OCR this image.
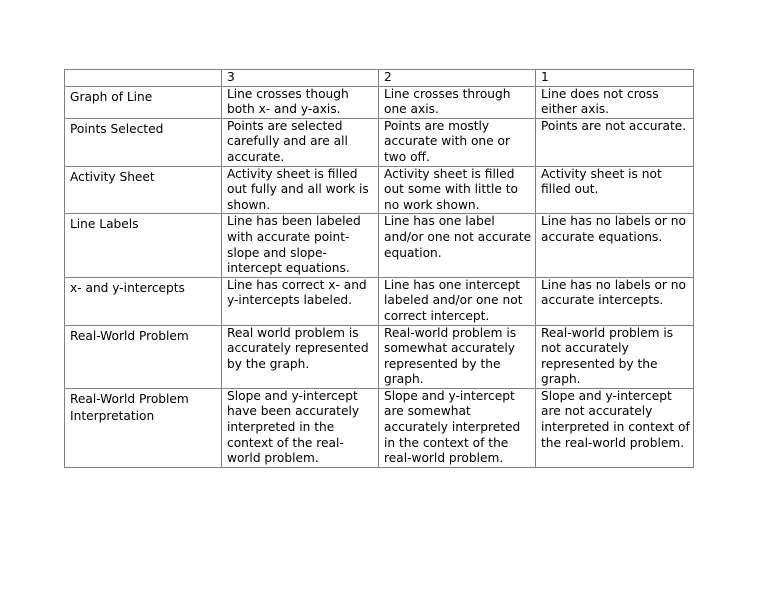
	3	2	1
Graph of Line	Line crosses though both x- and y-axis.	Line crosses through one axis.	Line does not cross either axis.
Points Selected	Points are selected carefully and are all accurate.	Points are mostly accurate with one or two off.	Points are not accurate.
Activity Sheet	Activity sheet is filled out fully and all work is shown.	Activity sheet is filled out some with little to no work shown.	Activity sheet is not filled out.
Line Labels	Line has been labeled with accurate point-slope and slope-intercept equations.	Line has one label and/or one not accurate equation.	Line has no labels or no accurate equations.
x- and y-intercepts	Line has correct x- and y-intercepts labeled.	Line has one intercept labeled and/or one not correct intercept.	Line has no labels or no accurate intercepts.
Real-World Problem	Real world problem is accurately represented by the graph.	Real-world problem is somewhat accurately represented by the graph.	Real-world problem is not accurately represented by the graph.
Real-World Problem Interpretation	Slope and y-intercept have been accurately interpreted in the context of the real-world problem.	Slope and y-intercept are somewhat accurately interpreted in the context of the real-world problem.	Slope and y-intercept are not accurately interpreted in context of the real-world problem.
